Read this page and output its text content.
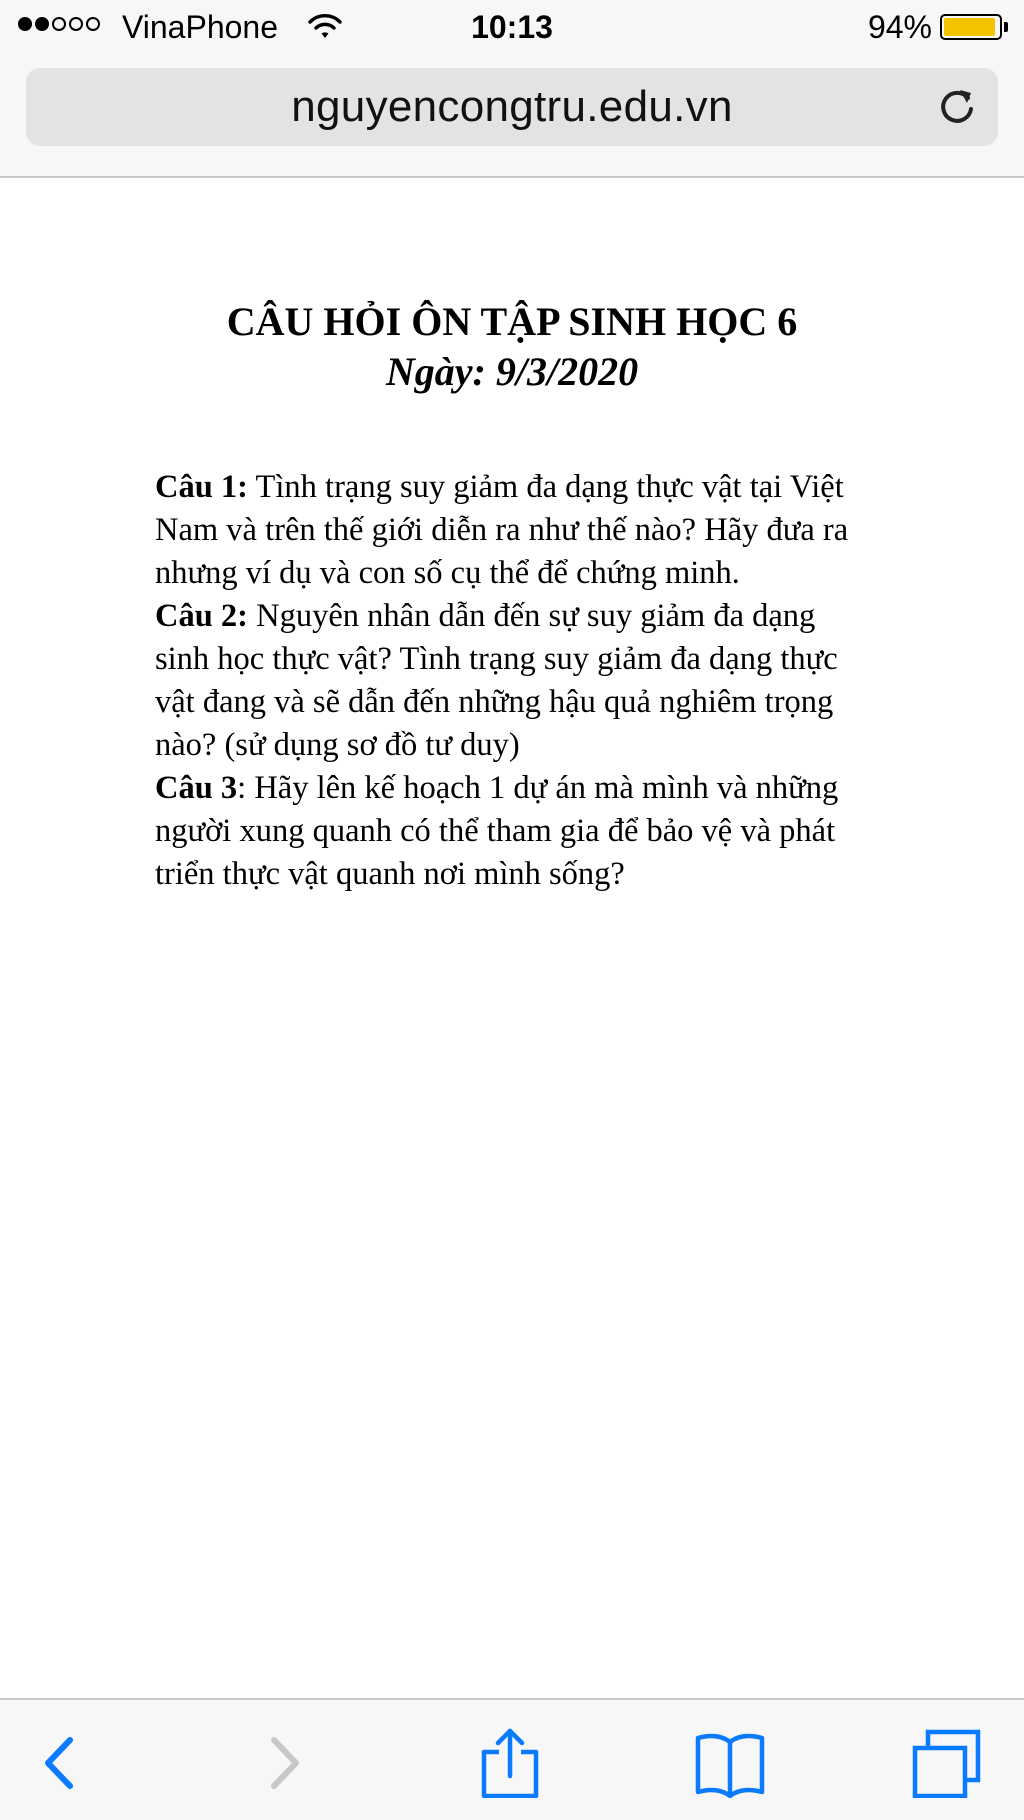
VinaPhone	10:13	94%
nguyencongtru.edu.vn
CÂU HỎI ÔN TẬP SINH HỌC 6
Ngày: 9/3/2020

Câu 1: Tình trạng suy giảm đa dạng thực vật tại Việt Nam và trên thế giới diễn ra như thế nào? Hãy đưa ra nhưng ví dụ và con số cụ thể để chứng minh.

Câu 2: Nguyên nhân dẫn đến sự suy giảm đa dạng sinh học thực vật? Tình trạng suy giảm đa dạng thực vật đang và sẽ dẫn đến những hậu quả nghiêm trọng nào? (sử dụng sơ đồ tư duy)

Câu 3: Hãy lên kế hoạch 1 dự án mà mình và những người xung quanh có thể tham gia để bảo vệ và phát triển thực vật quanh nơi mình sống?
